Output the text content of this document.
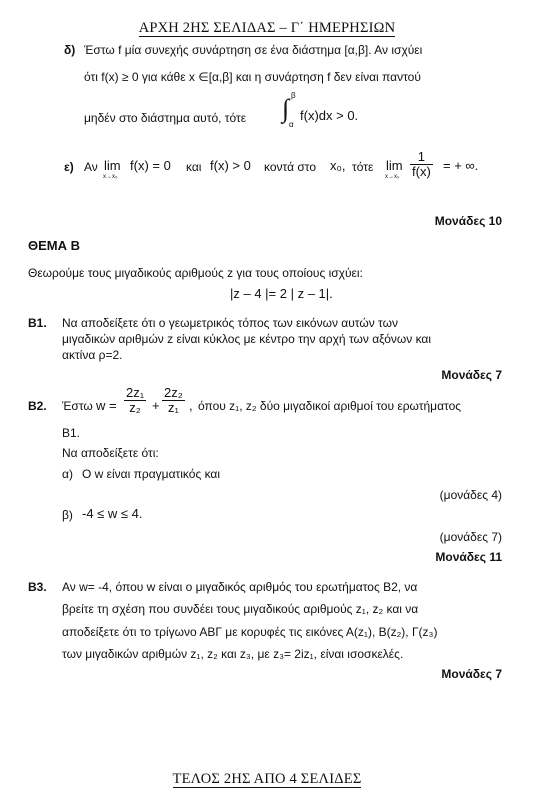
ΑΡΧΗ 2ΗΣ ΣΕΛΙΔΑΣ – Γ΄ ΗΜΕΡΗΣΙΩΝ
δ) Έστω f μία συνεχής συνάρτηση σε ένα διάστημα [α,β]. Αν ισχύει
ότι f(x) ≥ 0 για κάθε x ∈[α,β] και η συνάρτηση f δεν είναι παντού
μηδέν στο διάστημα αυτό, τότε ∫ β
α
f(x)dx > 0.
ε) Αν lim
x→x₀
f(x) = 0 και f(x) > 0 κοντά στο x₀, τότε lim
$x\to x_0 \frac{1}{f(x)}$ = + ∞.
Μονάδες 10
ΘΕΜΑ Β
Θεωρούμε τους μιγαδικούς αριθμούς z για τους οποίους ισχύει:
|z – 4 |= 2 | z – 1|.
Β1. Να αποδείξετε ότι ο γεωμετρικός τόπος των εικόνων αυτών των
μιγαδικών αριθμών z είναι κύκλος με κέντρο την αρχή των αξόνων και
ακτίνα ρ=2.
Μονάδες 7
Β2. Έστω $w = \frac{\text{2z₁}}{\text{z₂}} + \frac{\text{2z₂}}{\text{z₁}}$ , όπου z₁, z₂ δύο μιγαδικοί αριθμοί του ερωτήματος
Β1.
Να αποδείξετε ότι:
α) O w είναι πραγματικός και
(μονάδες 4)
β) -4 ≤ w ≤ 4.
(μονάδες 7)
Μονάδες 11
Β3. Αν w= -4, όπου w είναι ο μιγαδικός αριθμός του ερωτήματος Β2, να
βρείτε τη σχέση που συνδέει τους μιγαδικούς αριθμούς z₁, z₂ και να
αποδείξετε ότι το τρίγωνο ΑΒΓ με κορυφές τις εικόνες Α(z₁), Β(z₂), Γ(z₃)
των μιγαδικών αριθμών z₁, z₂ και z₃, με z₃= 2iz₁, είναι ισοσκελές.
Μονάδες 7
ΤΕΛΟΣ 2ΗΣ ΑΠΟ 4 ΣΕΛΙΔΕΣ
